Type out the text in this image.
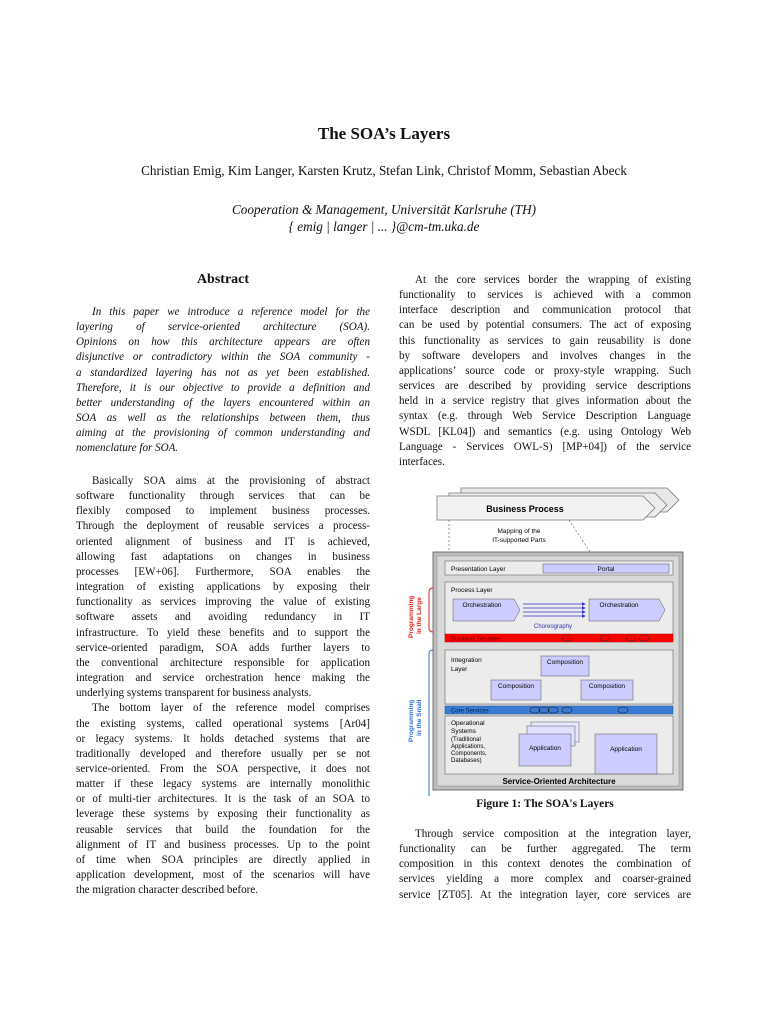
The SOA’s Layers
Christian Emig, Kim Langer, Karsten Krutz, Stefan Link, Christof Momm, Sebastian Abeck
Cooperation & Management, Universität Karlsruhe (TH)
{ emig | langer | ... }@cm-tm.uka.de
Abstract
In this paper we introduce a reference model for the
layering of service-oriented architecture (SOA).
Opinions on how this architecture appears are often
disjunctive or contradictory within the SOA community -
a standardized layering has not as yet been established.
Therefore, it is our objective to provide a definition and
better understanding of the layers encountered within an
SOA as well as the relationships between them, thus
aiming at the provisioning of common understanding and
nomenclature for SOA.
Basically SOA aims at the provisioning of abstract
software functionality through services that can be
flexibly composed to implement business processes.
Through the deployment of reusable services a process-
oriented alignment of business and IT is achieved,
allowing fast adaptations on changes in business
processes [EW+06]. Furthermore, SOA enables the
integration of existing applications by exposing their
functionality as services improving the value of existing
software assets and avoiding redundancy in IT
infrastructure. To yield these benefits and to support the
service-oriented paradigm, SOA adds further layers to
the conventional architecture responsible for application
integration and service orchestration hence making the
underlying systems transparent for business analysts.
The bottom layer of the reference model comprises
the existing systems, called operational systems [Ar04]
or legacy systems. It holds detached systems that are
traditionally developed and therefore usually per se not
service-oriented. From the SOA perspective, it does not
matter if these legacy systems are internally monolithic
or of multi-tier architectures. It is the task of an SOA to
leverage these systems by exposing their functionality as
reusable services that build the foundation for the
alignment of IT and business processes. Up to the point
of time when SOA principles are directly applied in
application development, most of the scenarios will have
the migration character described before.
At the core services border the wrapping of existing
functionality to services is achieved with a common
interface description and communication protocol that
can be used by potential consumers. The act of exposing
this functionality as services to gain reusability is done
by software developers and involves changes in the
applications’ source code or proxy-style wrapping. Such
services are described by providing service descriptions
held in a service registry that gives information about the
syntax (e.g. through Web Service Description Language
WSDL [KL04]) and semantics (e.g. using Ontology Web
Language - Services OWL-S) [MP+04]) of the service
interfaces.
Business Process
Mapping of the
IT-supported Parts
Presentation Layer	Portal
Process Layer
Orchestration	Orchestration
Choreography
Business Services
Integration
Layer
Composition
Composition	Composition
Core Services
Operational
Systems
(Traditional
Applications,
Components,
Databases)
Application	Application
Service-Oriented Architecture
Programming in the Large
Programming in the Small
Figure 1: The SOA's Layers
Through service composition at the integration layer,
functionality can be further aggregated. The term
composition in this context denotes the combination of
services yielding a more complex and coarser-grained
service [ZT05]. At the integration layer, core services are
